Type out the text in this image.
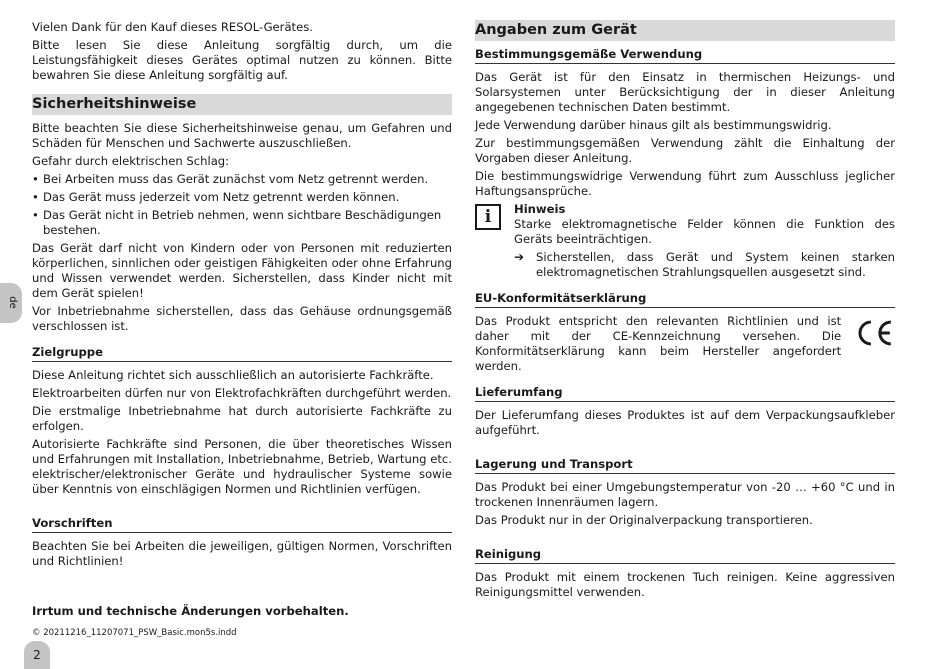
de

Vielen Dank für den Kauf dieses RESOL-Gerätes.

Bitte lesen Sie diese Anleitung sorgfältig durch, um die Leistungsfähigkeit dieses Gerätes optimal nutzen zu können. Bitte bewahren Sie diese Anleitung sorgfältig auf.

Sicherheitshinweise

Bitte beachten Sie diese Sicherheitshinweise genau, um Gefahren und Schäden für Menschen und Sachwerte auszuschließen.

Gefahr durch elektrischen Schlag:

• Bei Arbeiten muss das Gerät zunächst vom Netz getrennt werden.
• Das Gerät muss jederzeit vom Netz getrennt werden können.
• Das Gerät nicht in Betrieb nehmen, wenn sichtbare Beschädigungen bestehen.

Das Gerät darf nicht von Kindern oder von Personen mit reduzierten körperlichen, sinnlichen oder geistigen Fähigkeiten oder ohne Erfahrung und Wissen verwendet werden. Sicherstellen, dass Kinder nicht mit dem Gerät spielen!

Vor Inbetriebnahme sicherstellen, dass das Gehäuse ordnungsgemäß verschlossen ist.

Zielgruppe

Diese Anleitung richtet sich ausschließlich an autorisierte Fachkräfte.

Elektroarbeiten dürfen nur von Elektrofachkräften durchgeführt werden.

Die erstmalige Inbetriebnahme hat durch autorisierte Fachkräfte zu erfolgen.

Autorisierte Fachkräfte sind Personen, die über theoretisches Wissen und Erfahrungen mit Installation, Inbetriebnahme, Betrieb, Wartung etc. elektrischer/elektronischer Geräte und hydraulischer Systeme sowie über Kenntnis von einschlägigen Normen und Richtlinien verfügen.

Vorschriften

Beachten Sie bei Arbeiten die jeweiligen, gültigen Normen, Vorschriften und Richtlinien!

Angaben zum Gerät
Bestimmungsgemäße Verwendung

Das Gerät ist für den Einsatz in thermischen Heizungs- und Solarsystemen unter Berücksichtigung der in dieser Anleitung angegebenen technischen Daten bestimmt.

Jede Verwendung darüber hinaus gilt als bestimmungswidrig.

Zur bestimmungsgemäßen Verwendung zählt die Einhaltung der Vorgaben dieser Anleitung.

Die bestimmungswidrige Verwendung führt zum Ausschluss jeglicher Haftungsansprüche.

i	Hinweis

Starke elektromagnetische Felder können die Funktion des Geräts beeinträchtigen.

➔	Sicherstellen, dass Gerät und System keinen starken elektromagnetischen Strahlungsquellen ausgesetzt sind.

EU-Konformitätserklärung

Das Produkt entspricht den relevanten Richtlinien und ist daher mit der CE-Kennzeichnung versehen. Die Konformitätserklärung kann beim Hersteller angefordert werden.

Lieferumfang

Der Lieferumfang dieses Produktes ist auf dem Verpackungsaufkleber aufgeführt.

Lagerung und Transport

Das Produkt bei einer Umgebungstemperatur von -20 … +60 °C und in trockenen Innenräumen lagern.

Das Produkt nur in der Originalverpackung transportieren.

Reinigung

Das Produkt mit einem trockenen Tuch reinigen. Keine aggressiven Reinigungsmittel verwenden.

Irrtum und technische Änderungen vorbehalten.
© 20211216_11207071_PSW_Basic.mon5s.indd
2
